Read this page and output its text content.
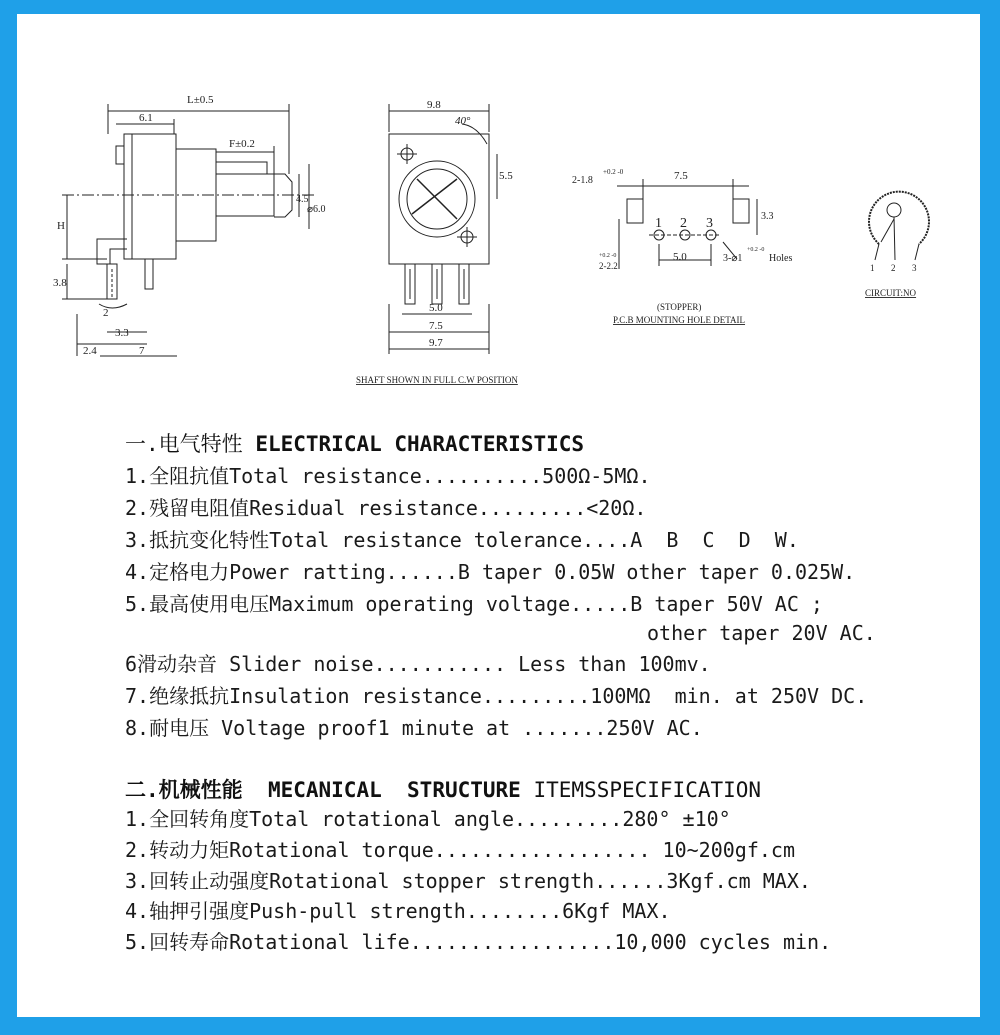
L±0.5
6.1
F±0.2
H
4.5
⌀6.0
3.8
2
3.3
2.4	7
9.8
40°
5.5
5.0
7.5
9.7
2-1.8
+0.2 -0	7.5
2-2.2
+0.2 -0
3.3
1 2 3
5.0	3-⌀1
+0.2 -0
Holes
(STOPPER)
P.C.B MOUNTING HOLE DETAIL
1 2 3
CIRCUIT:NO
SHAFT SHOWN IN FULL C.W POSITION
一.电气特性 ELECTRICAL CHARACTERISTICS
1.全阻抗值Total resistance..........500Ω-5MΩ.
2.残留电阻值Residual resistance.........<20Ω.
3.抵抗变化特性Total resistance tolerance....A  B  C  D  W.
4.定格电力Power ratting......B taper 0.05W other taper 0.025W.
5.最高使用电压Maximum operating voltage.....B taper 50V AC ;
other taper 20V AC.
6滑动杂音 Slider noise........... Less than 100mv.
7.绝缘抵抗Insulation resistance.........100MΩ  min. at 250V DC.
8.耐电压 Voltage proof1 minute at .......250V AC.
二.机械性能 MECANICAL  STRUCTURE ITEMSSPECIFICATION
1.全回转角度Total rotational angle.........280° ±10°
2.转动力矩Rotational torque.................. 10~200gf.cm
3.回转止动强度Rotational stopper strength......3Kgf.cm MAX.
4.轴押引强度Push-pull strength........6Kgf MAX.
5.回转寿命Rotational life.................10,000 cycles min.
